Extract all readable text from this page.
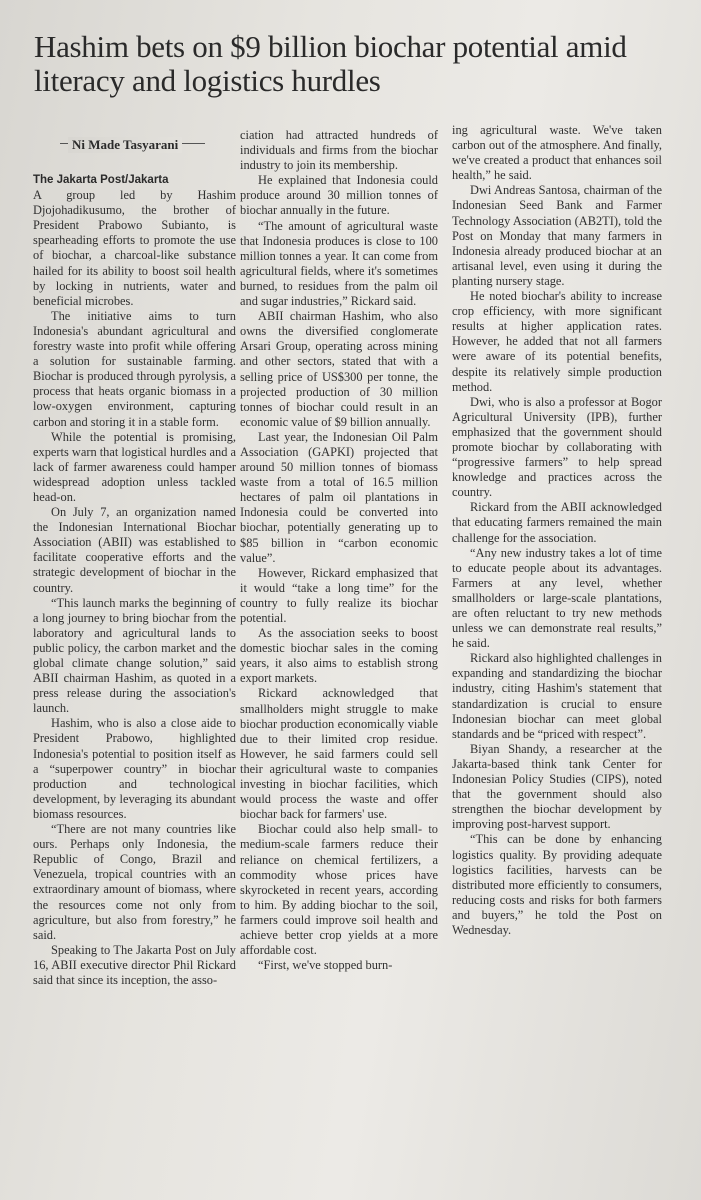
Hashim bets on $9 billion biochar potential amid literacy and logistics hurdles
Ni Made Tasyarani

The Jakarta Post/Jakarta

A group led by Hashim Djojohadikusumo, the brother of President Prabowo Subianto, is spearheading efforts to promote the use of biochar, a charcoal-like substance hailed for its ability to boost soil health by locking in nutrients, water and beneficial microbes.

The initiative aims to turn Indonesia's abundant agricultural and forestry waste into profit while offering a solution for sustainable farming. Biochar is produced through pyrolysis, a process that heats organic biomass in a low-oxygen environment, capturing carbon and storing it in a stable form.

While the potential is promising, experts warn that logistical hurdles and a lack of farmer awareness could hamper widespread adoption unless tackled head-on.

On July 7, an organization named the Indonesian International Biochar Association (ABII) was established to facilitate cooperative efforts and the strategic development of biochar in the country.

“This launch marks the beginning of a long journey to bring biochar from the laboratory and agricultural lands to public policy, the carbon market and the global climate change solution,” said ABII chairman Hashim, as quoted in a press release during the association's launch.

Hashim, who is also a close aide to President Prabowo, highlighted Indonesia's potential to position itself as a “superpower country” in biochar production and technological development, by leveraging its abundant biomass resources.

“There are not many countries like ours. Perhaps only Indonesia, the Republic of Congo, Brazil and Venezuela, tropical countries with an extraordinary amount of biomass, where the resources come not only from agriculture, but also from forestry,” he said.

Speaking to The Jakarta Post on July 16, ABII executive director Phil Rickard said that since its inception, the asso-

ciation had attracted hundreds of individuals and firms from the biochar industry to join its membership.

He explained that Indonesia could produce around 30 million tonnes of biochar annually in the future.

“The amount of agricultural waste that Indonesia produces is close to 100 million tonnes a year. It can come from agricultural fields, where it's sometimes burned, to residues from the palm oil and sugar industries,” Rickard said.

ABII chairman Hashim, who also owns the diversified conglomerate Arsari Group, operating across mining and other sectors, stated that with a selling price of US$300 per tonne, the projected production of 30 million tonnes of biochar could result in an economic value of $9 billion annually.

Last year, the Indonesian Oil Palm Association (GAPKI) projected that around 50 million tonnes of biomass waste from a total of 16.5 million hectares of palm oil plantations in Indonesia could be converted into biochar, potentially generating up to $85 billion in “carbon economic value”.

However, Rickard emphasized that it would “take a long time” for the country to fully realize its biochar potential.

As the association seeks to boost domestic biochar sales in the coming years, it also aims to establish strong export markets.

Rickard acknowledged that smallholders might struggle to make biochar production economically viable due to their limited crop residue. However, he said farmers could sell their agricultural waste to companies investing in biochar facilities, which would process the waste and offer biochar back for farmers' use.

Biochar could also help small- to medium-scale farmers reduce their reliance on chemical fertilizers, a commodity whose prices have skyrocketed in recent years, according to him. By adding biochar to the soil, farmers could improve soil health and achieve better crop yields at a more affordable cost.

“First, we've stopped burn-

ing agricultural waste. We've taken carbon out of the atmosphere. And finally, we've created a product that enhances soil health,” he said.

Dwi Andreas Santosa, chairman of the Indonesian Seed Bank and Farmer Technology Association (AB2TI), told the Post on Monday that many farmers in Indonesia already produced biochar at an artisanal level, even using it during the planting nursery stage.

He noted biochar's ability to increase crop efficiency, with more significant results at higher application rates. However, he added that not all farmers were aware of its potential benefits, despite its relatively simple production method.

Dwi, who is also a professor at Bogor Agricultural University (IPB), further emphasized that the government should promote biochar by collaborating with “progressive farmers” to help spread knowledge and practices across the country.

Rickard from the ABII acknowledged that educating farmers remained the main challenge for the association.

“Any new industry takes a lot of time to educate people about its advantages. Farmers at any level, whether smallholders or large-scale plantations, are often reluctant to try new methods unless we can demonstrate real results,” he said.

Rickard also highlighted challenges in expanding and standardizing the biochar industry, citing Hashim's statement that standardization is crucial to ensure Indonesian biochar can meet global standards and be “priced with respect”.

Biyan Shandy, a researcher at the Jakarta-based think tank Center for Indonesian Policy Studies (CIPS), noted that the government should also strengthen the biochar development by improving post-harvest support.

“This can be done by enhancing logistics quality. By providing adequate logistics facilities, harvests can be distributed more efficiently to consumers, reducing costs and risks for both farmers and buyers,” he told the Post on Wednesday.
